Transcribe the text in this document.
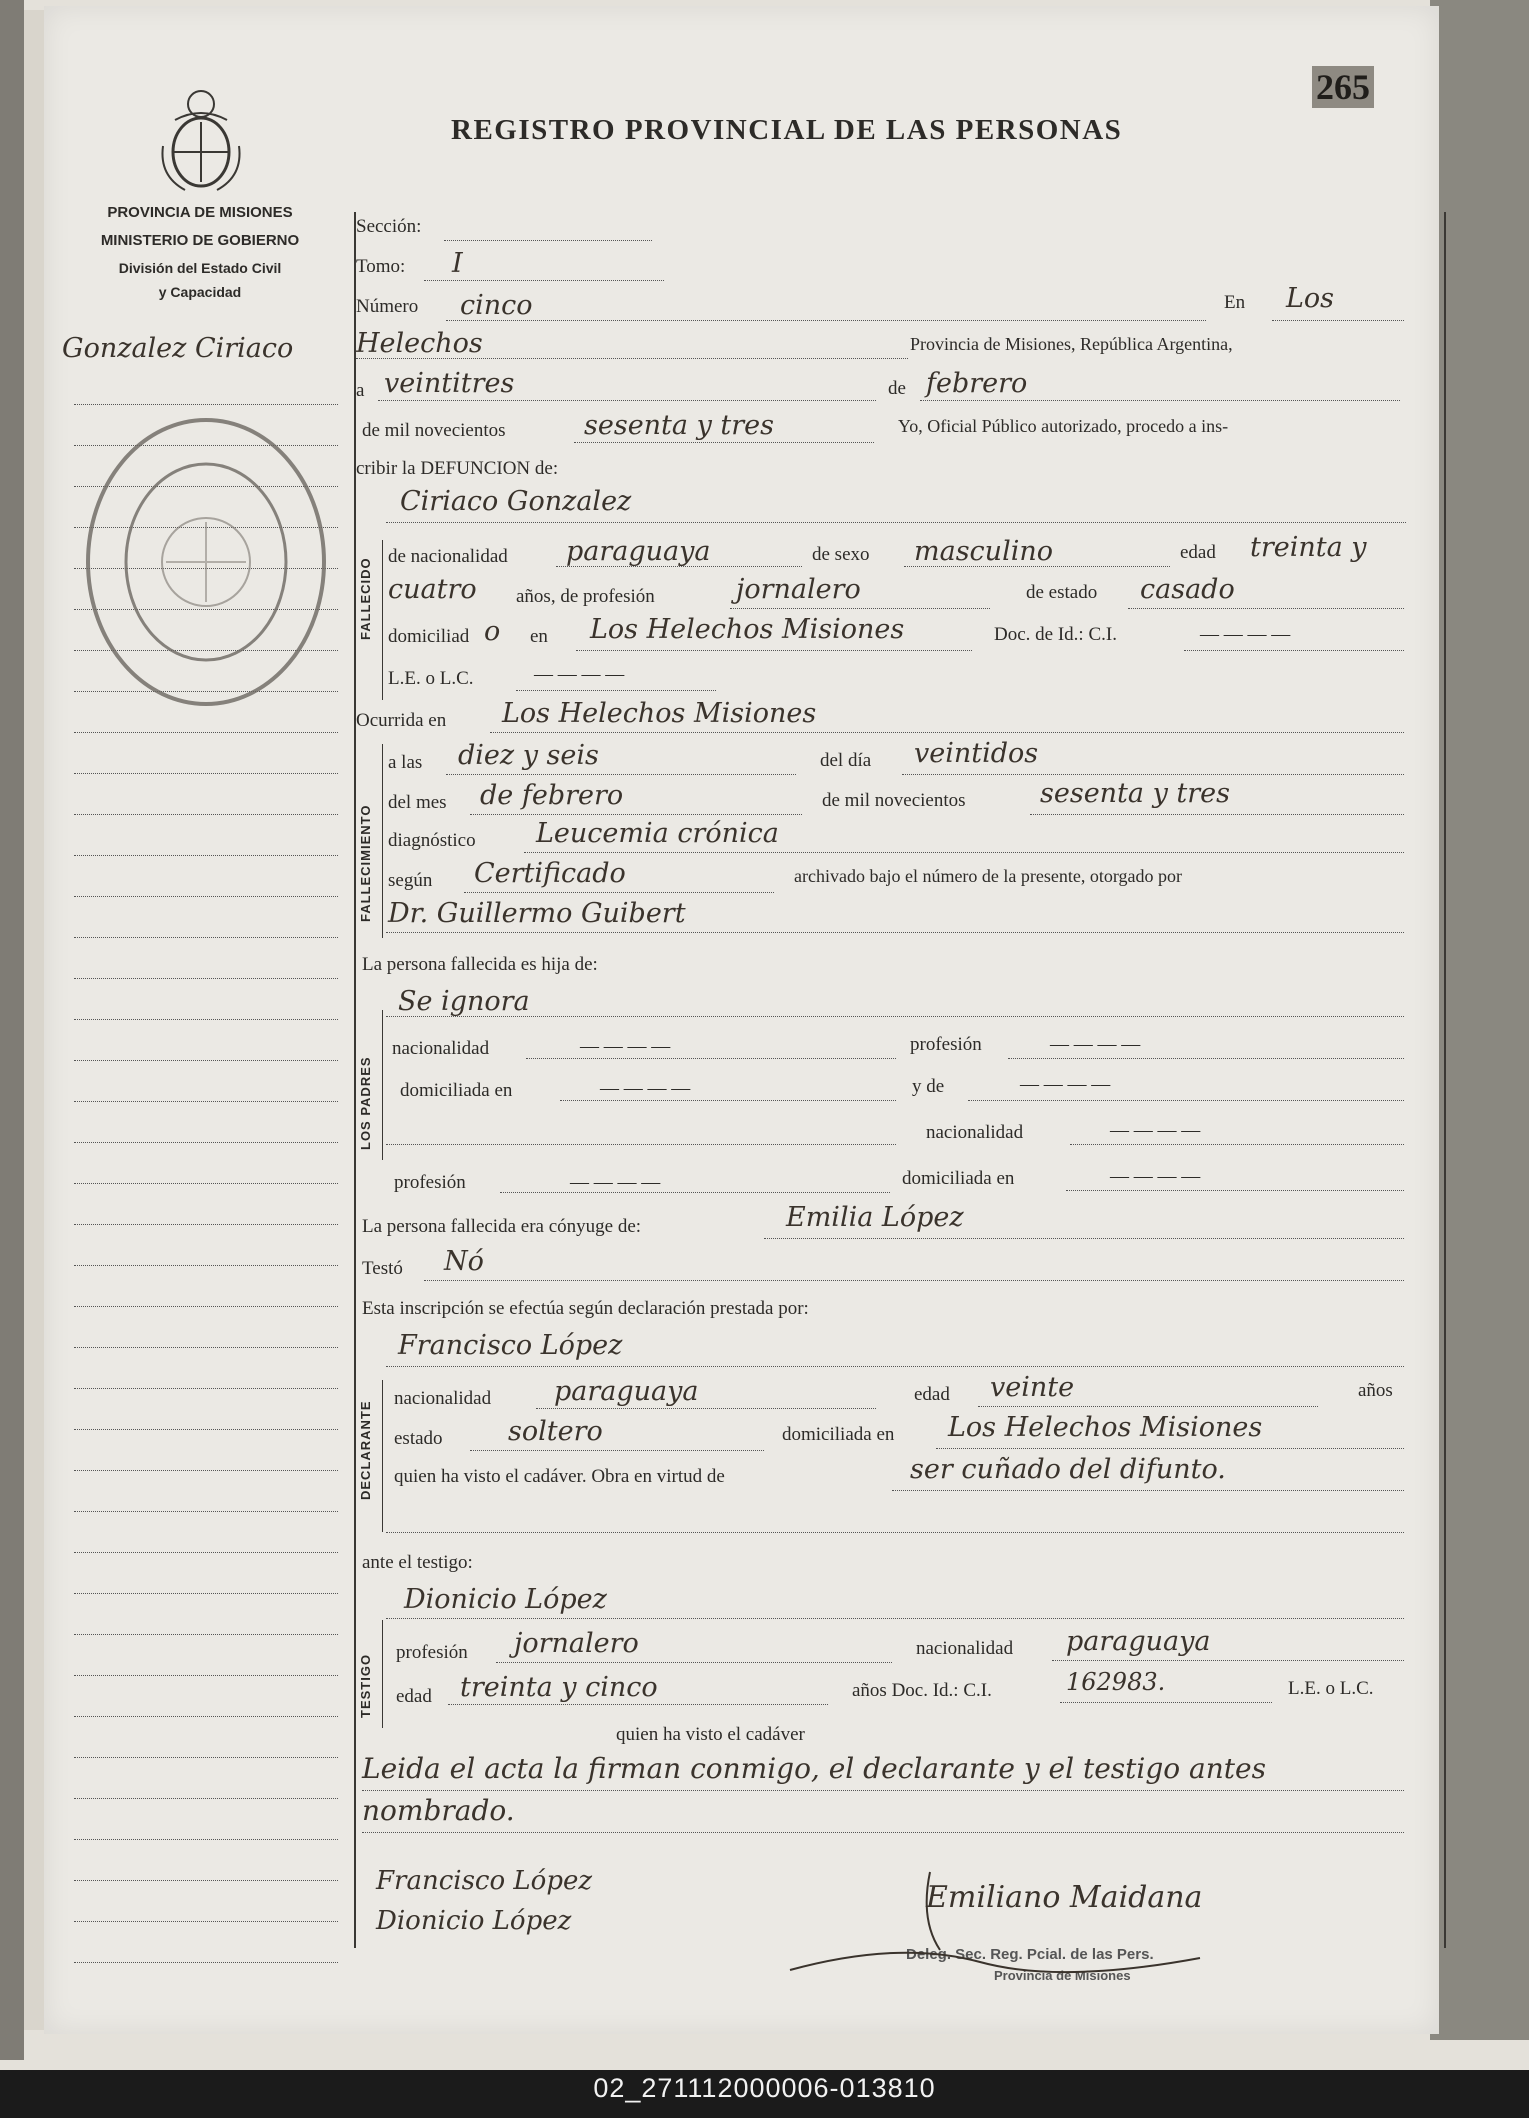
265
REGISTRO PROVINCIAL DE LAS PERSONAS
PROVINCIA DE MISIONES
MINISTERIO DE GOBIERNO
División del Estado Civil
y Capacidad
Gonzalez Ciriaco
Sección:
Tomo: I
Número cinco	En Los
Helechos	Provincia de Misiones, República Argentina,
a veintitres	de febrero
de mil novecientos	sesenta y tres	Yo, Oficial Público autorizado, procedo a ins-
cribir la DEFUNCION de:
FALLECIDO
Ciriaco Gonzalez
de nacionalidad paraguaya	de sexo masculino	edad treinta y
cuatro años, de profesión	jornalero	de estado casado
domiciliad o en Los Helechos Misiones	Doc. de Id.: C.I.	— — — —
L.E. o L.C.	— — — —
Ocurrida en Los Helechos Misiones
FALLECIMIENTO
a las diez y seis	del día veintidos
del mes de febrero	de mil novecientos	sesenta y tres
diagnóstico Leucemia crónica
según Certificado	archivado bajo el número de la presente, otorgado por
Dr. Guillermo Guibert
La persona fallecida es hija de:
LOS PADRES
Se ignora
nacionalidad	— — — —	profesión	— — — —
domiciliada en	— — — —	y de	— — — —
nacionalidad	— — — —
profesión	— — — —	domiciliada en	— — — —
La persona fallecida era cónyuge de:	Emilia López
Testó Nó
Esta inscripción se efectúa según declaración prestada por:
DECLARANTE
Francisco López
nacionalidad paraguaya	edad veinte	años
estado soltero	domiciliada en Los Helechos Misiones
quien ha visto el cadáver. Obra en virtud de	ser cuñado del difunto.
ante el testigo:
TESTIGO
Dionicio López
profesión jornalero	nacionalidad paraguaya
edad treinta y cinco	años Doc. Id.: C.I.	162983.	L.E. o L.C.
quien ha visto el cadáver
Leida el acta la firman conmigo, el declarante y el testigo antes
nombrado.
Francisco López
Dionicio López
Emiliano Maidana
Deleg. Sec. Reg. Pcial. de las Pers.
Provincia de Misiones
02_271112000006-013810
